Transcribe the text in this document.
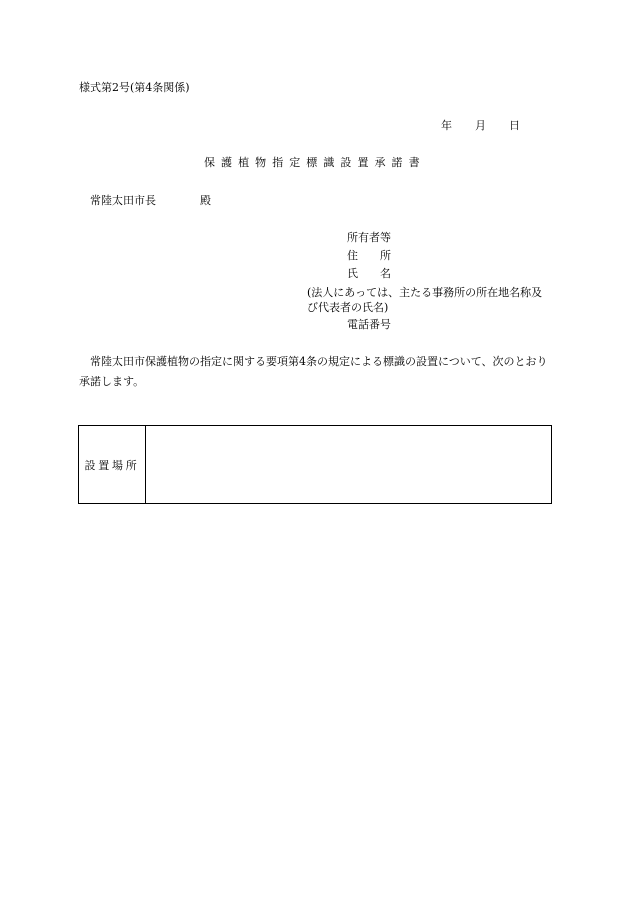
様式第2号(第4条関係)
年 月 日
保護植物指定標識設置承諾書
常陸太田市長	殿
所有者等
住　　所
氏　　名
(法人にあっては、主たる事務所の所在地名称及び代表者の氏名)
電話番号
常陸太田市保護植物の指定に関する要項第4条の規定による標識の設置について、次のとおり承諾します。
設置場所
